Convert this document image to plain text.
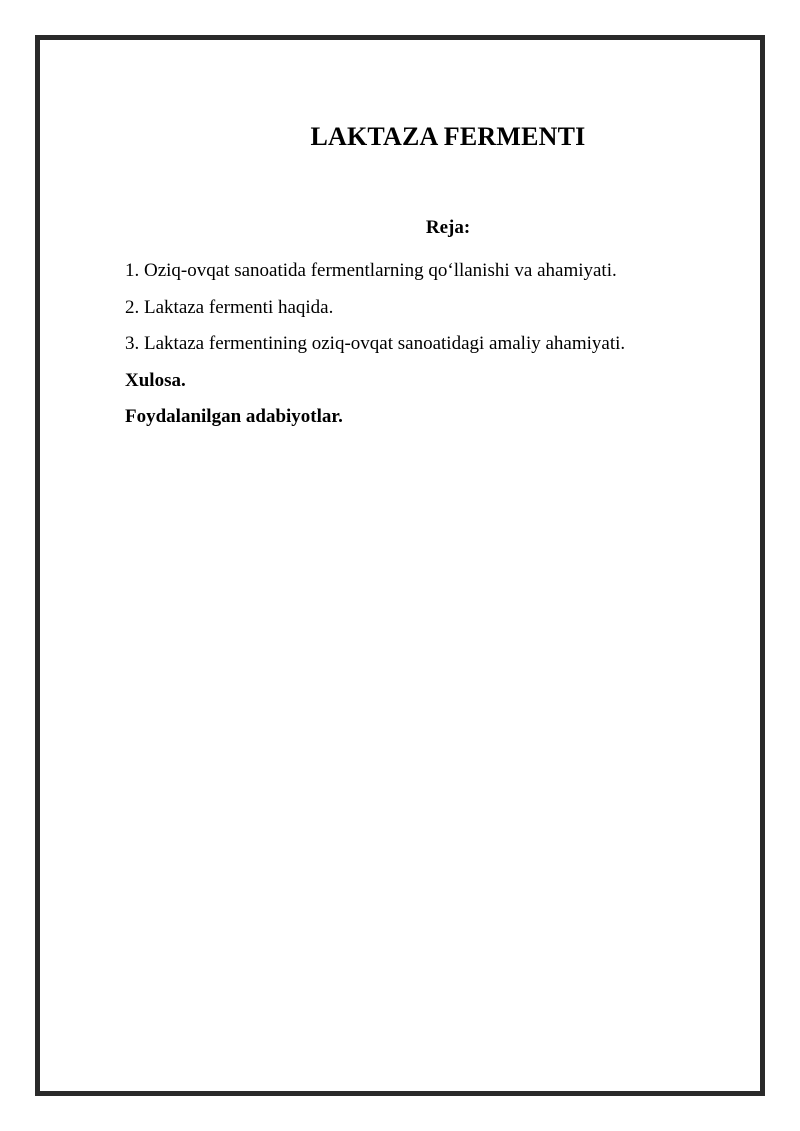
LAKTAZA FERMENTI
Reja:
1. Oziq-ovqat sanoatida fermentlarning qo‘llanishi va ahamiyati.
2. Laktaza fermenti haqida.
3. Laktaza fermentining oziq-ovqat sanoatidagi amaliy ahamiyati.
Xulosa.
Foydalanilgan adabiyotlar.
